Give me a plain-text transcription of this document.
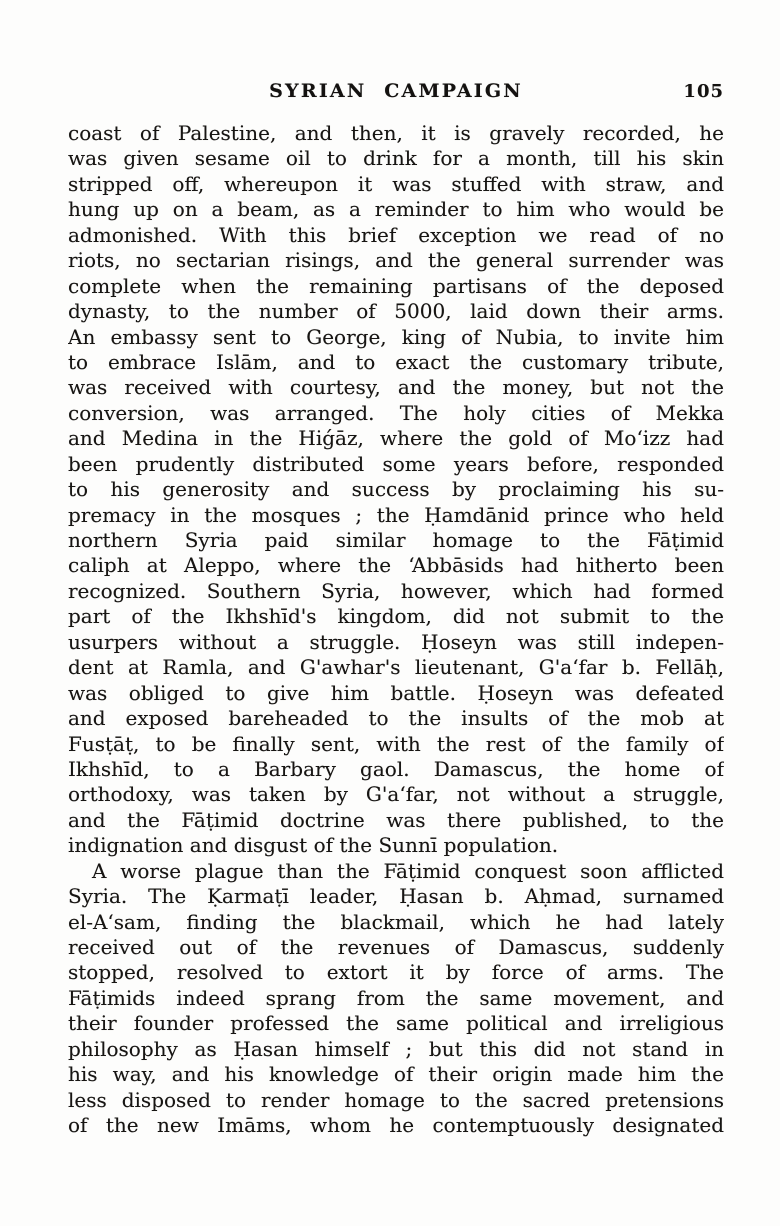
SYRIAN CAMPAIGN	105
coast of Palestine, and then, it is gravely recorded, he
was given sesame oil to drink for a month, till his skin
stripped off, whereupon it was stuffed with straw, and
hung up on a beam, as a reminder to him who would be
admonished. With this brief exception we read of no
riots, no sectarian risings, and the general surrender was
complete when the remaining partisans of the deposed
dynasty, to the number of 5000, laid down their arms.
An embassy sent to George, king of Nubia, to invite him
to embrace Islām, and to exact the customary tribute,
was received with courtesy, and the money, but not the
conversion, was arranged. The holy cities of Mekka
and Medina in the Hiǵāz, where the gold of Moʻizz had
been prudently distributed some years before, responded
to his generosity and success by proclaiming his su-
premacy in the mosques ; the Ḥamdānid prince who held
northern Syria paid similar homage to the Fāṭimid
caliph at Aleppo, where the ʻAbbāsids had hitherto been
recognized. Southern Syria, however, which had formed
part of the Ikhshīd's kingdom, did not submit to the
usurpers without a struggle. Ḥoseyn was still indepen-
dent at Ramla, and G'awhar's lieutenant, G'aʻfar b. Fellāḥ,
was obliged to give him battle. Ḥoseyn was defeated
and exposed bareheaded to the insults of the mob at
Fusṭāṭ, to be finally sent, with the rest of the family of
Ikhshīd, to a Barbary gaol. Damascus, the home of
orthodoxy, was taken by G'aʻfar, not without a struggle,
and the Fāṭimid doctrine was there published, to the
indignation and disgust of the Sunnī population.
A worse plague than the Fāṭimid conquest soon afflicted
Syria. The Ḳarmaṭī leader, Ḥasan b. Aḥmad, surnamed
el-Aʻsam, finding the blackmail, which he had lately
received out of the revenues of Damascus, suddenly
stopped, resolved to extort it by force of arms. The
Fāṭimids indeed sprang from the same movement, and
their founder professed the same political and irreligious
philosophy as Ḥasan himself ; but this did not stand in
his way, and his knowledge of their origin made him the
less disposed to render homage to the sacred pretensions
of the new Imāms, whom he contemptuously designated
